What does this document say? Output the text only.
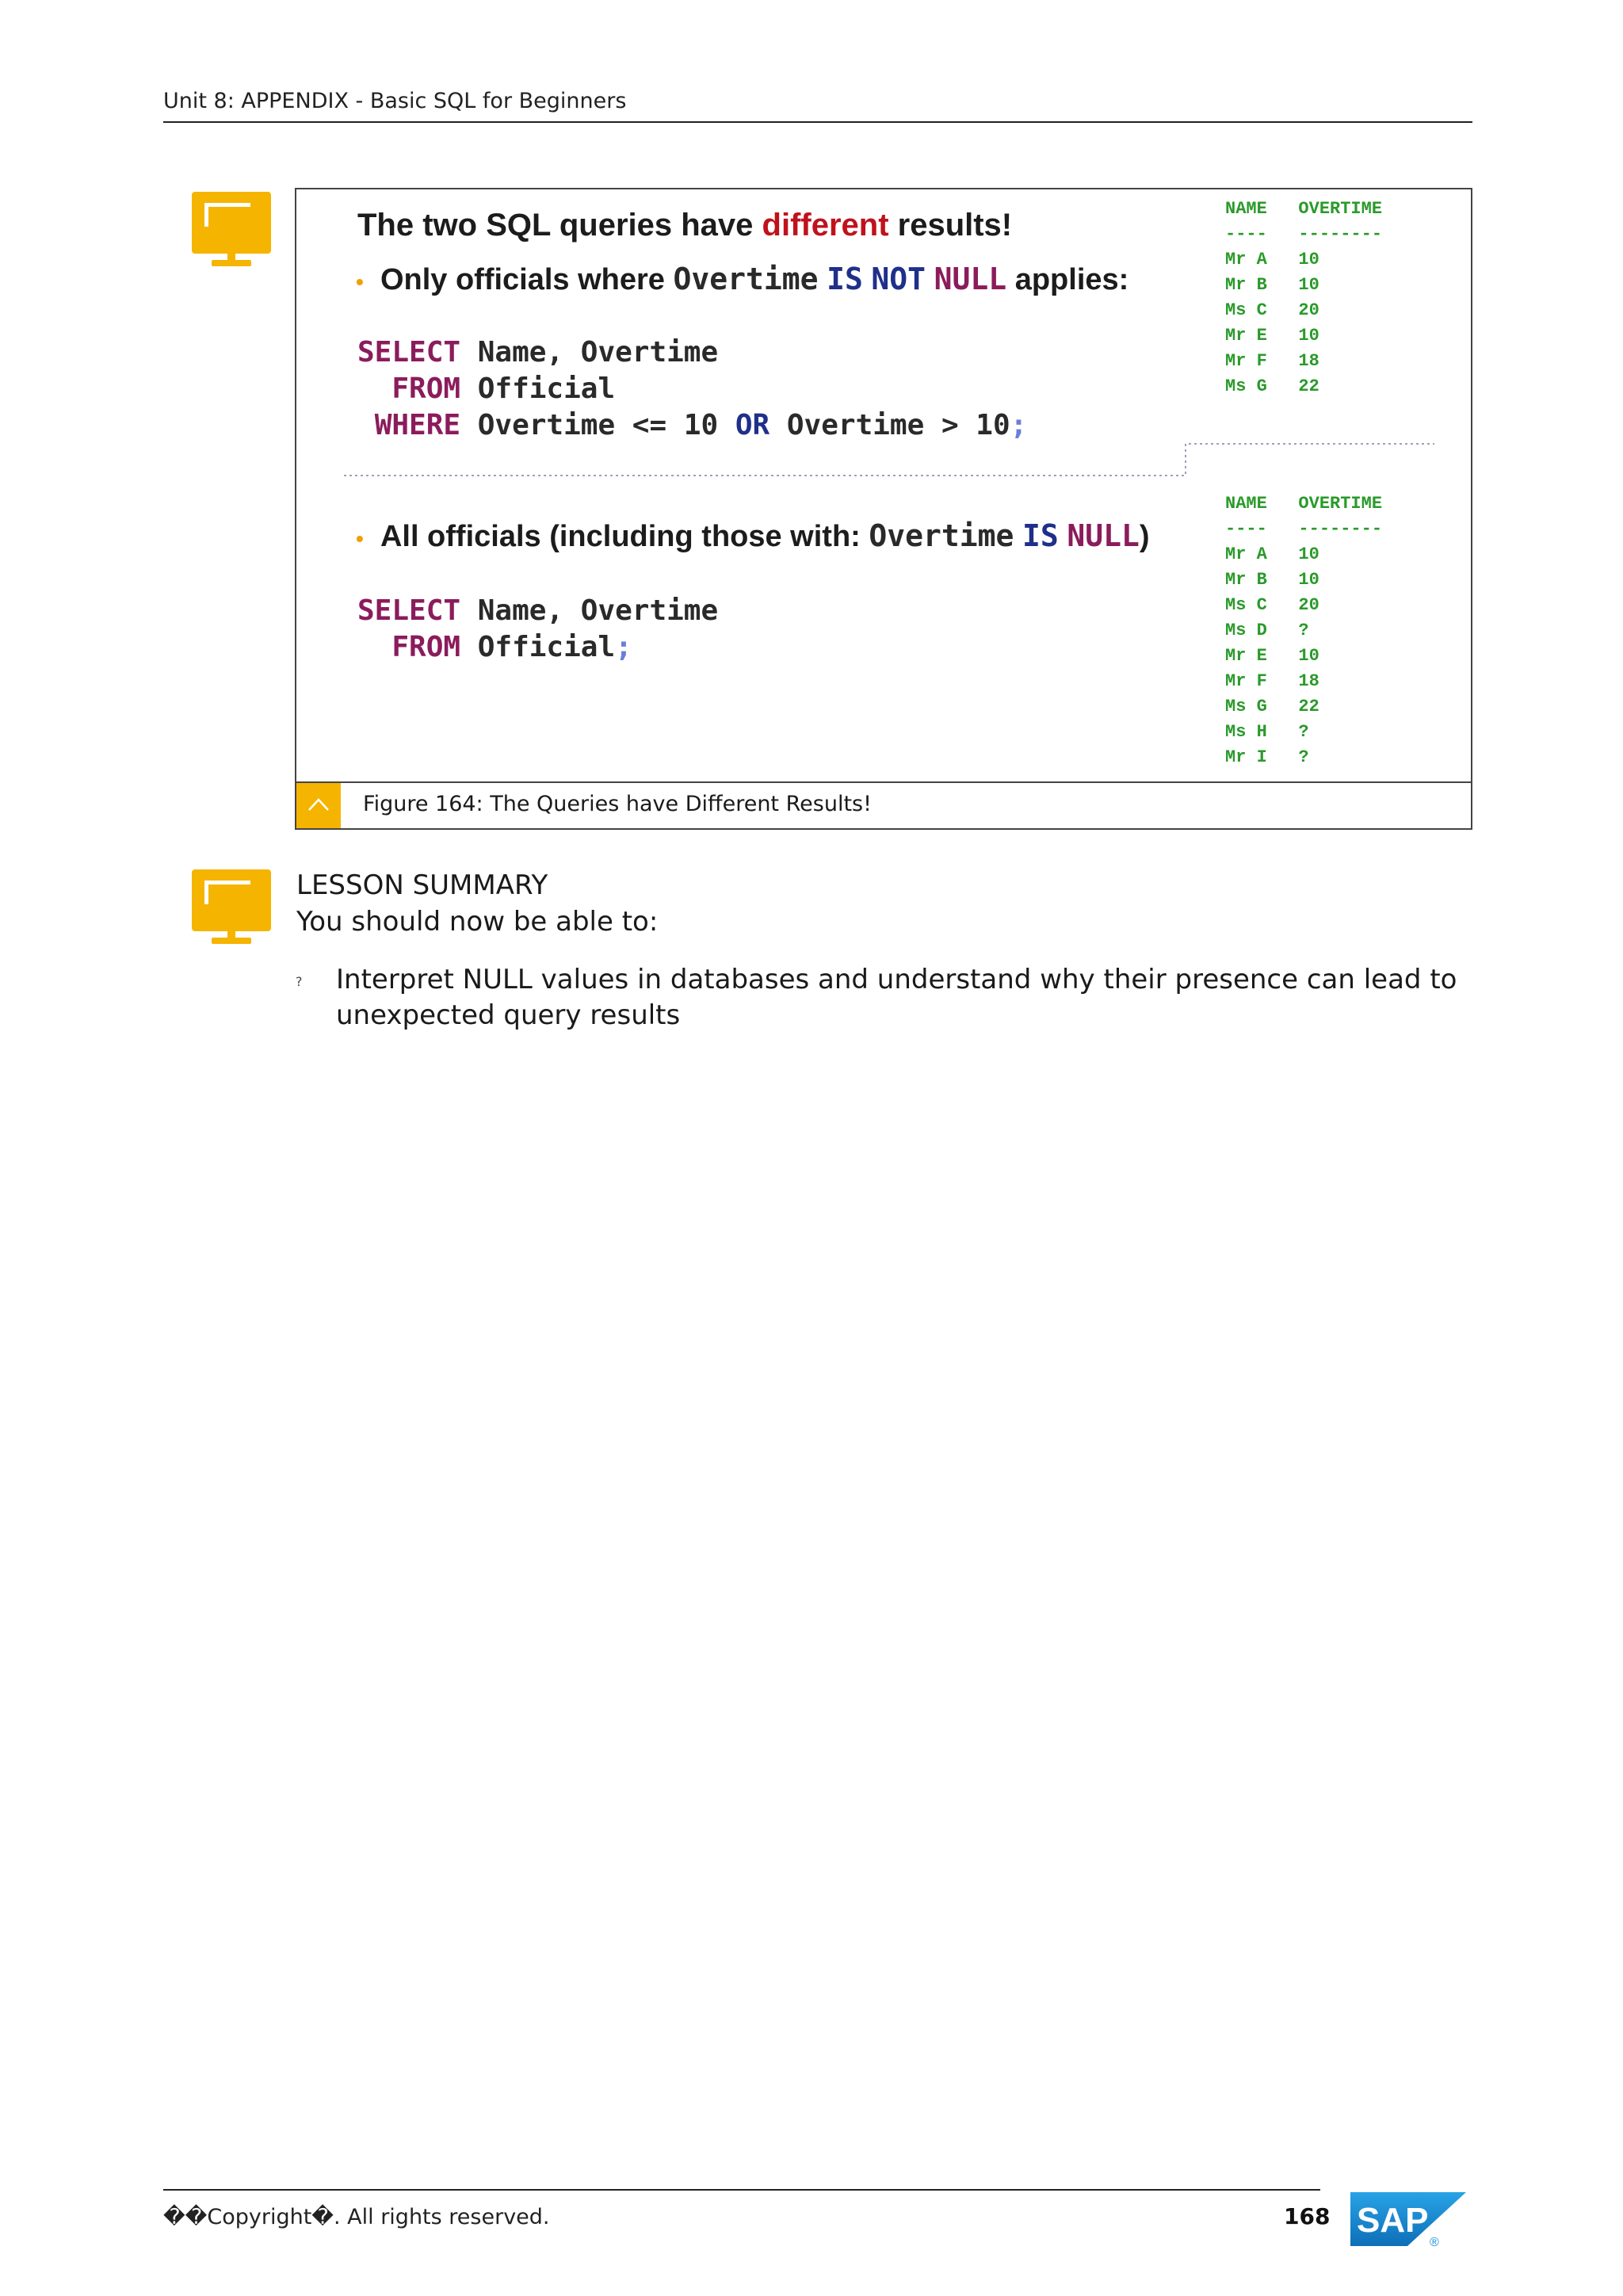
Unit 8: APPENDIX - Basic SQL for Beginners
The two SQL queries have different results!
• Only officials where Overtime IS NOT NULL applies:
SELECT Name, Overtime
FROM Official
WHERE Overtime <= 10 OR Overtime > 10;
• All officials (including those with: Overtime IS NULL)
SELECT Name, Overtime
FROM Official;
NAME   OVERTIME
----   --------
Mr A   10
Mr B   10
Ms C   20
Mr E   10
Mr F   18
Ms G   22
NAME   OVERTIME
----   --------
Mr A   10
Mr B   10
Ms C   20
Ms D   ?
Mr E   10
Mr F   18
Ms G   22
Ms H   ?
Mr I   ?
Figure 164: The Queries have Different Results!
LESSON SUMMARY
You should now be able to:
? Interpret NULL values in databases and understand why their presence can lead to unexpected query results
��Copyright�. All rights reserved.	168 SAP
®
